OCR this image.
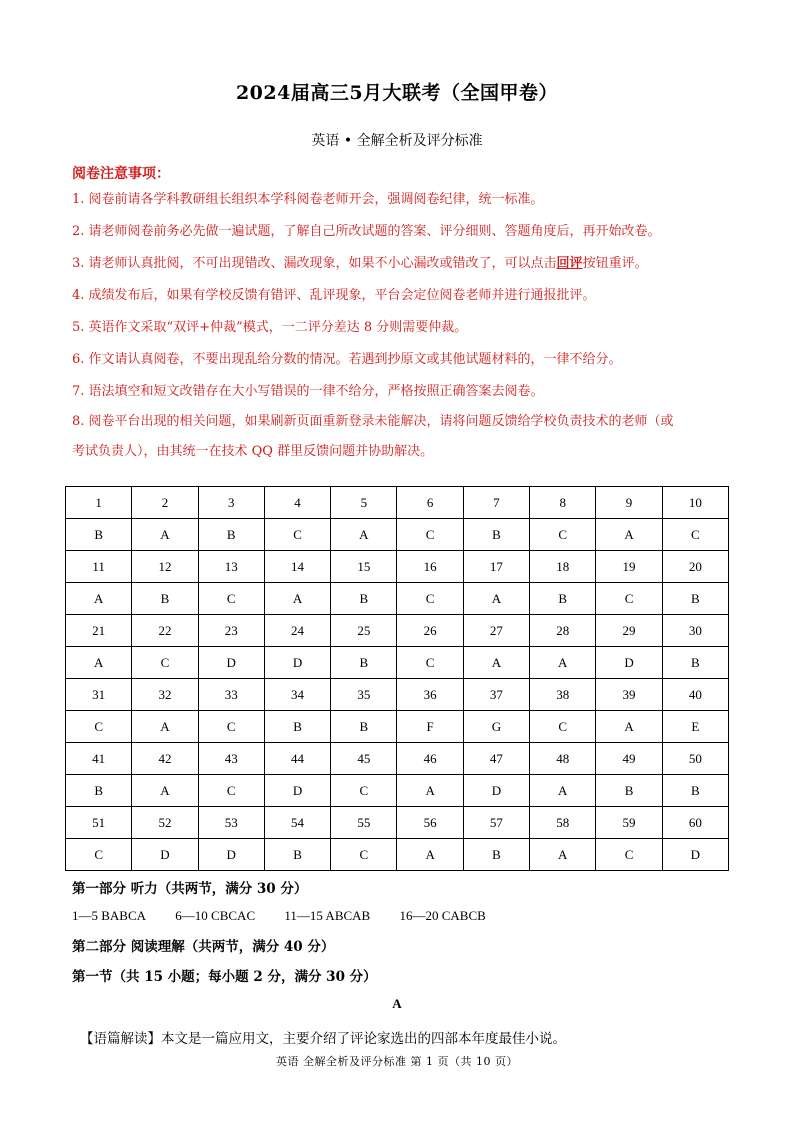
2024届高三5月大联考（全国甲卷）
英语 • 全解全析及评分标准
阅卷注意事项：
1. 阅卷前请各学科教研组长组织本学科阅卷老师开会，强调阅卷纪律，统一标准。
2. 请老师阅卷前务必先做一遍试题，了解自己所改试题的答案、评分细则、答题角度后，再开始改卷。
3. 请老师认真批阅，不可出现错改、漏改现象，如果不小心漏改或错改了，可以点击回评按钮重评。
4. 成绩发布后，如果有学校反馈有错评、乱评现象，平台会定位阅卷老师并进行通报批评。
5. 英语作文采取“双评+仲裁”模式，一二评分差达 8 分则需要仲裁。
6. 作文请认真阅卷，不要出现乱给分数的情况。若遇到抄原文或其他试题材料的，一律不给分。
7. 语法填空和短文改错存在大小写错误的一律不给分，严格按照正确答案去阅卷。
8. 阅卷平台出现的相关问题，如果刷新页面重新登录未能解决，请将问题反馈给学校负责技术的老师（或
考试负责人），由其统一在技术 QQ 群里反馈问题并协助解决。
1	2	3	4	5	6	7	8	9	10
B	A	B	C	A	C	B	C	A	C
11	12	13	14	15	16	17	18	19	20
A	B	C	A	B	C	A	B	C	B
21	22	23	24	25	26	27	28	29	30
A	C	D	D	B	C	A	A	D	B
31	32	33	34	35	36	37	38	39	40
C	A	C	B	B	F	G	C	A	E
41	42	43	44	45	46	47	48	49	50
B	A	C	D	C	A	D	A	B	B
51	52	53	54	55	56	57	58	59	60
C	D	D	B	C	A	B	A	C	D
第一部分 听力（共两节，满分 30 分）
1—5 BABCA 6—10 CBCAC 11—15 ABCAB 16—20 CABCB
第二部分 阅读理解（共两节，满分 40 分）
第一节（共 15 小题；每小题 2 分，满分 30 分）
A
【语篇解读】本文是一篇应用文，主要介绍了评论家选出的四部本年度最佳小说。
英语 全解全析及评分标准 第 1 页（共 10 页）
